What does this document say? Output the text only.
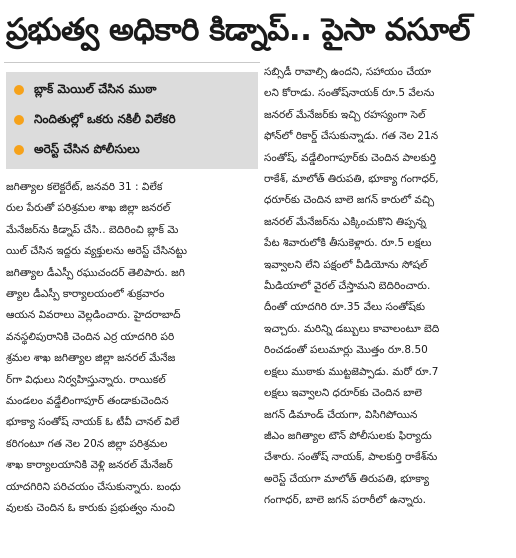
ప్రభుత్వ అధికారి కిడ్నాప్.. పైసా వసూల్
బ్లాక్ మెయిల్ చేసిన ముఠా
నిందితుల్లో ఒకరు నకిలీ విలేకరి
అరెస్ట్ చేసిన పోలీసులు
జగిత్యాల కలెక్టరేట్, జనవరి 31 : విలేక
రుల పేరుతో పరిశ్రమల శాఖ జిల్లా జనరల్
మేనేజర్‌ను కిడ్నాప్ చేసి.. బెదిరించి బ్లాక్ మె
యిల్ చేసిన ఇద్దరు వ్యక్తులను అరెస్ట్ చేసినట్టు
జగిత్యాల డీఎస్పీ రఘుచందర్ తెలిపారు. జగి
త్యాల డీఎస్పీ కార్యాలయంలో శుక్రవారం
ఆయన వివరాలు వెల్లడించారు. హైదరాబాద్
వనస్థలిపురానికి చెందిన ఎర్ర యాదగిరి పరి
శ్రమల శాఖ జగిత్యాల జిల్లా జనరల్ మేనేజ
ర్‌గా విధులు నిర్వహిస్తున్నారు. రాయికల్
మండలం వడ్డేలింగాపూర్ తండాకుచెందిన
భూక్యా సంతోష్ నాయక్ ఓ టీవీ చానల్ విలే
కరిగంటూ గత నెల 20న జిల్లా పరిశ్రమల
శాఖ కార్యాలయానికి వెళ్లి జనరల్ మేనేజర్
యాదగిరిని పరిచయం చేసుకున్నారు. బంధు
వులకు చెందిన ఓ కారుకు ప్రభుత్వం నుంచి
సబ్సిడీ రావాల్సి ఉందని, సహాయం చేయా
లని కోరాడు. సంతోష్‌నాయక్ రూ.5 వేలను
జనరల్ మేనేజర్‌కు ఇచ్చి రహస్యంగా సెల్
ఫోన్‌లో రికార్డ్ చేసుకున్నాడు. గత నెల 21న
సంతోష్, వడ్డేలింగాపూర్‌కు చెందిన పాలకుర్తి
రాకేశ్, మాలోత్ తిరుపతి, భూక్యా గంగాధర్,
ధరూర్‌కు చెందిన బాలె జగన్ కారులో వచ్చి
జనరల్ మేనేజర్‌ను ఎక్కించుకొని తిప్పన్న
పేట శివారులోకి తీసుకెళ్లారు. రూ.5 లక్షలు
ఇవ్వాలని లేని పక్షంలో వీడియోను సోషల్
మీడియాలో వైరల్ చేస్తామని బెదిరించారు.
దీంతో యాదగిరి రూ.35 వేలు సంతోష్‌కు
ఇచ్చారు. మరిన్ని డబ్బులు కావాలంటూ బెది
రించడంతో పలుమార్లు మొత్తం రూ.8.50
లక్షలు ముఠాకు ముట్టజెప్పాడు. మరో రూ.7
లక్షలు ఇవ్వాలని ధరూర్‌కు చెందిన బాలె
జగన్ డిమాండ్ చేయగా, విసిగిపోయిన
జీఎం జగిత్యాల టౌన్ పోలీసులకు ఫిర్యాదు
చేశారు. సంతోష్ నాయక్, పాలకుర్తి రాకేశ్‌ను
అరెస్ట్ చేయగా మాలోత్ తిరుపతి, భూక్యా
గంగాధర్, బాలె జగన్ పరారీలో ఉన్నారు.
